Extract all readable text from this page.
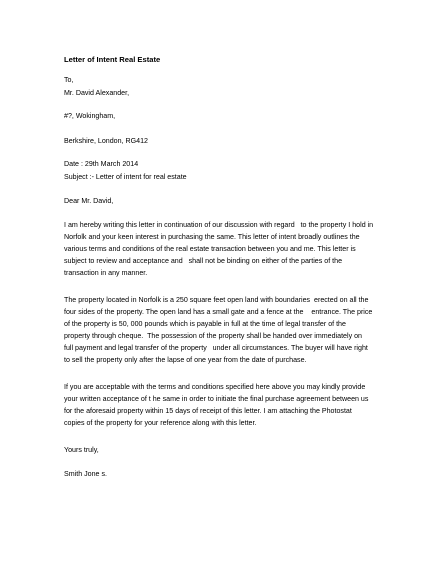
Letter of Intent Real Estate
To,
Mr. David Alexander,
#?, Wokingham,
Berkshire, London, RG412
Date : 29th March 2014
Subject :- Letter of intent for real estate
Dear Mr. David,
I am hereby writing this letter in continuation of our discussion with regard   to the property I hold in
Norfolk and your keen interest in purchasing the same. This letter of intent broadly outlines the
various terms and conditions of the real estate transaction between you and me. This letter is
subject to review and acceptance and   shall not be binding on either of the parties of the
transaction in any manner.
The property located in Norfolk is a 250 square feet open land with boundaries  erected on all the
four sides of the property. The open land has a small gate and a fence at the    entrance. The price
of the property is 50, 000 pounds which is payable in full at the time of legal transfer of the
property through cheque.  The possession of the property shall be handed over immediately on
full payment and legal transfer of the property   under all circumstances. The buyer will have right
to sell the property only after the lapse of one year from the date of purchase.
If you are acceptable with the terms and conditions specified here above you may kindly provide
your written acceptance of t he same in order to initiate the final purchase agreement between us
for the aforesaid property within 15 days of receipt of this letter. I am attaching the Photostat
copies of the property for your reference along with this letter.
Yours truly,
Smith Jone s.
